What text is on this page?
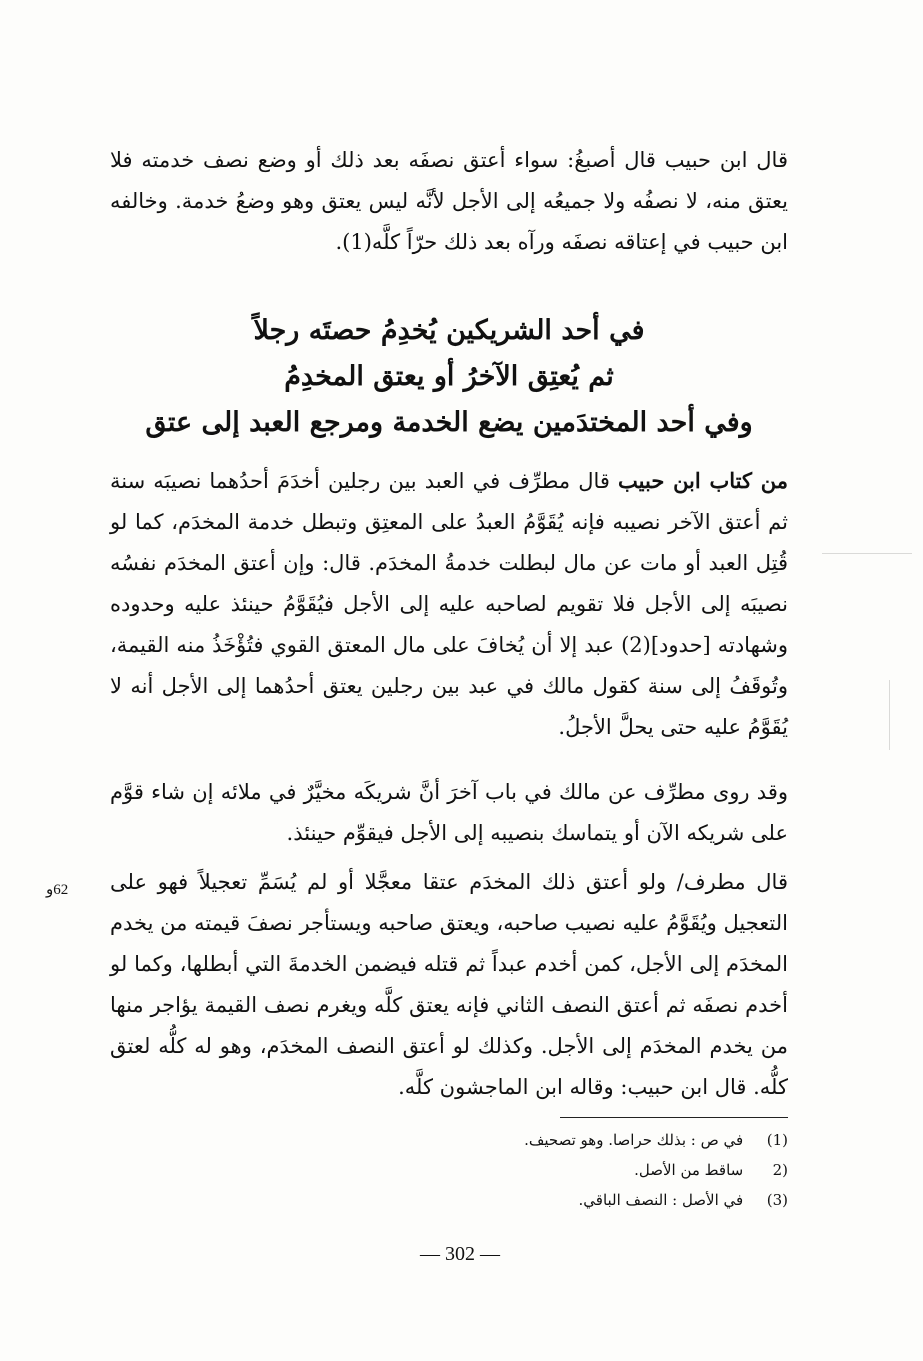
قال ابن حبيب قال أصبغُ: سواء أعتق نصفَه بعد ذلك أو وضع نصف خدمته فلا يعتق منه، لا نصفُه ولا جميعُه إلى الأجل لأنَّه ليس يعتق وهو وضعُ خدمة. وخالفه ابن حبيب في إعتاقه نصفَه ورآه بعد ذلك حرّاً كلَّه(1).

في أحد الشريكين يُخدِمُ حصتَه رجلاً
ثم يُعتِق الآخرُ أو يعتق المخدِمُ
وفي أحد المختدَمين يضع الخدمة ومرجع العبد إلى عتق

من كتاب ابن حبيب قال مطرِّف في العبد بين رجلين أخدَمَ أحدُهما نصيبَه سنة ثم أعتق الآخر نصيبه فإنه يُقَوَّمُ العبدُ على المعتِق وتبطل خدمة المخدَم، كما لو قُتِل العبد أو مات عن مال لبطلت خدمةُ المخدَم. قال: وإن أعتق المخدَم نفسُه نصيبَه إلى الأجل فلا تقويم لصاحبه عليه إلى الأجل فيُقَوَّمُ حينئذ عليه وحدوده وشهادته [حدود](2) عبد إلا أن يُخافَ على مال المعتق القوي فتُؤْخَذُ منه القيمة، وتُوقَفُ إلى سنة كقول مالك في عبد بين رجلين يعتق أحدُهما إلى الأجل أنه لا يُقَوَّمُ عليه حتى يحلَّ الأجلُ.

وقد روى مطرِّف عن مالك في باب آخرَ أنَّ شريكَه مخيَّرٌ في ملائه إن شاء قوَّم على شريكه الآن أو يتماسك بنصيبه إلى الأجل فيقوِّم حينئذ.

قال مطرف/ ولو أعتق ذلك المخدَم عتقا معجَّلا أو لم يُسَمِّ تعجيلاً فهو على التعجيل ويُقَوَّمُ عليه نصيب صاحبه، ويعتق صاحبه ويستأجر نصفَ قيمته من يخدم المخدَم إلى الأجل، كمن أخدم عبداً ثم قتله فيضمن الخدمةَ التي أبطلها، وكما لو أخدم نصفَه ثم أعتق النصف الثاني فإنه يعتق كلَّه ويغرم نصف القيمة يؤاجر منها من يخدم المخدَم إلى الأجل. وكذلك لو أعتق النصف المخدَم، وهو له كلُّه لعتق كلُّه. قال ابن حبيب: وقاله ابن الماجشون كلَّه.

62و
(1) في ص : بذلك حراصا. وهو تصحيف.
(2 ساقط من الأصل.
(3) في الأصل : النصف الباقي.
— 302 —
